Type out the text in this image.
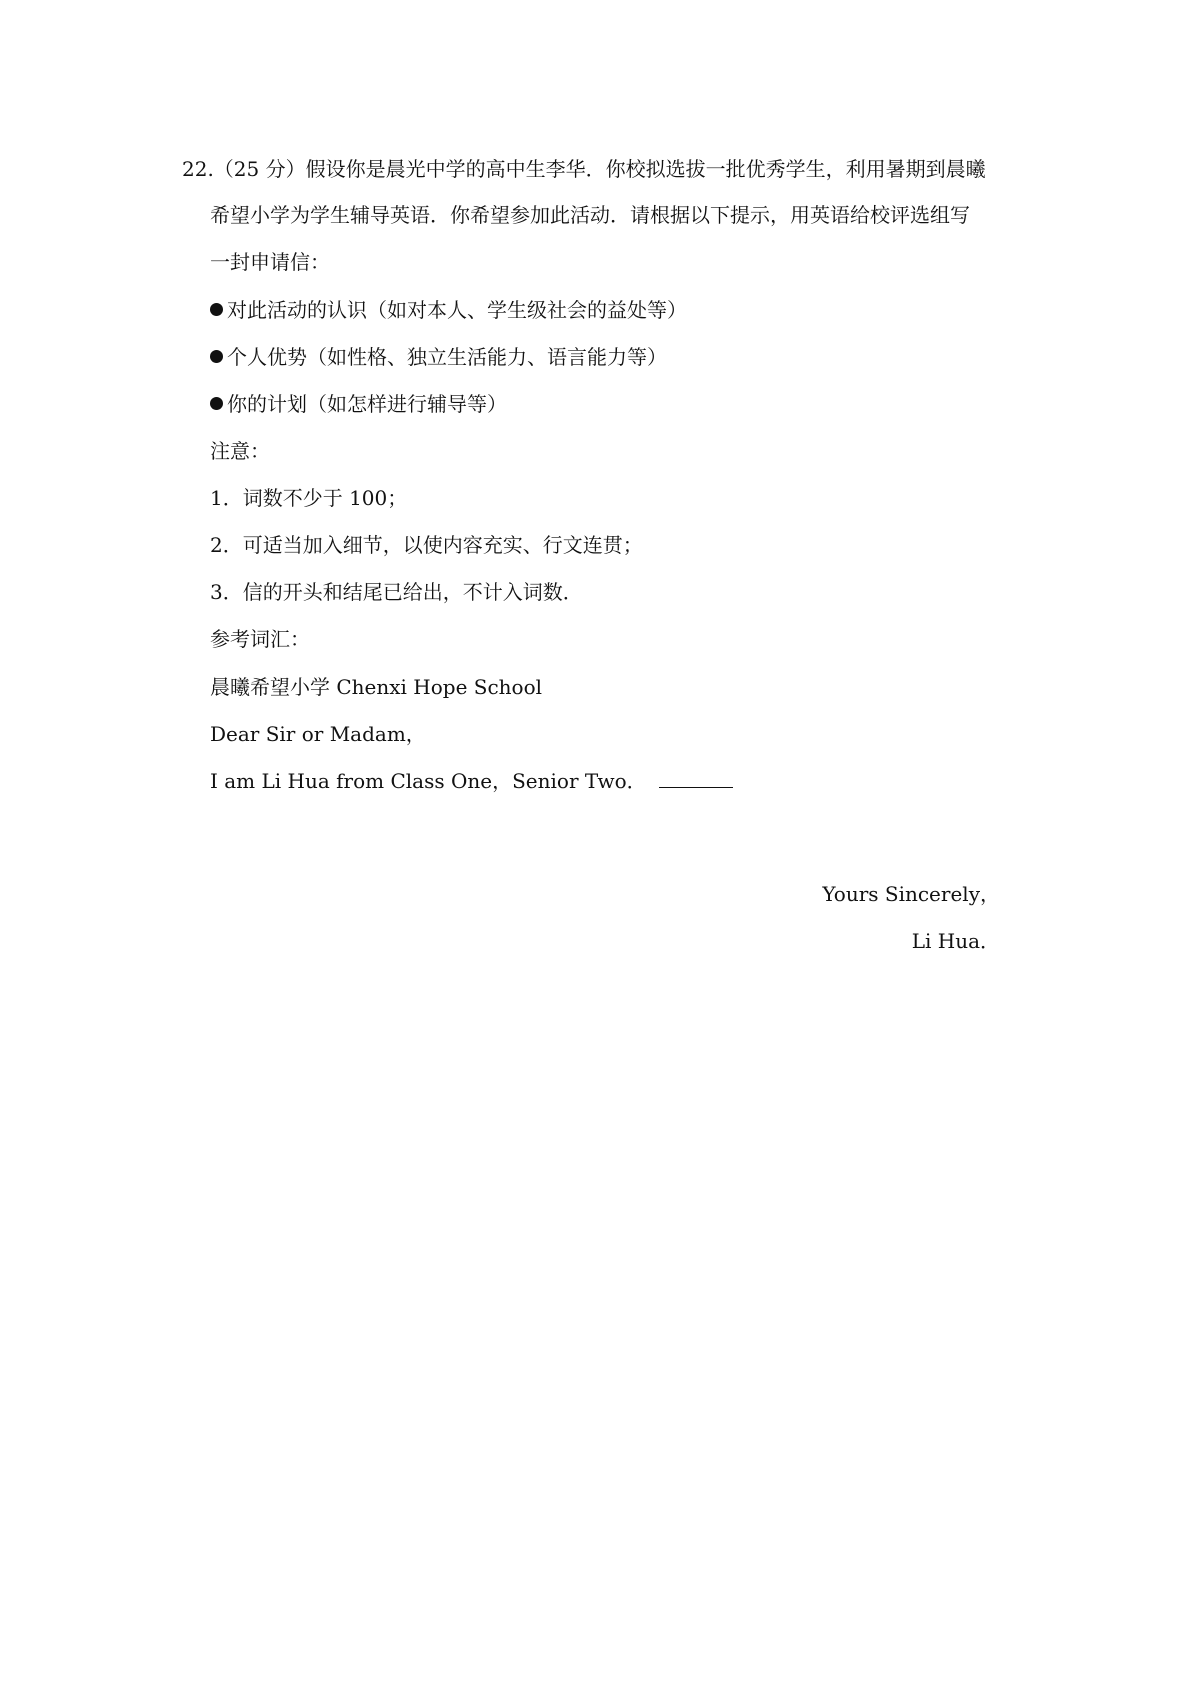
22.（25 分）假设你是晨光中学的高中生李华．你校拟选拔一批优秀学生，利用暑期到晨曦
希望小学为学生辅导英语．你希望参加此活动．请根据以下提示，用英语给校评选组写
一封申请信：
对此活动的认识（如对本人、学生级社会的益处等）
个人优势（如性格、独立生活能力、语言能力等）
你的计划（如怎样进行辅导等）
注意：
1．词数不少于 100；
2．可适当加入细节，以使内容充实、行文连贯；
3．信的开头和结尾已给出，不计入词数．
参考词汇：
晨曦希望小学 Chenxi Hope School
Dear Sir or Madam，
I am Li Hua from Class One，Senior Two．
Yours Sincerely，
Li Hua．
